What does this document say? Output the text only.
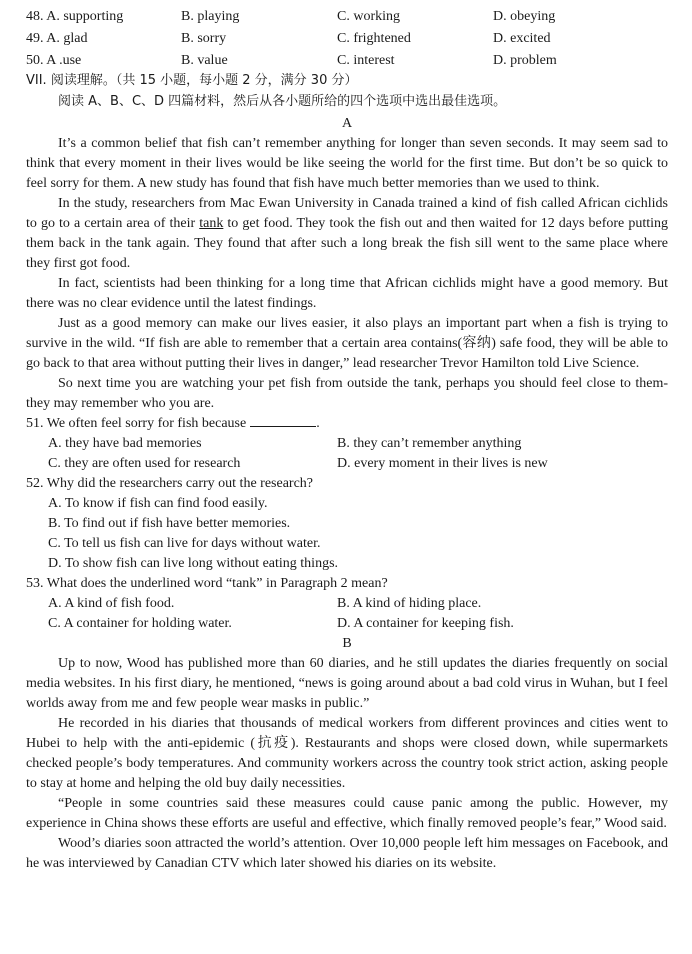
48. A. supporting	B. playing	C. working	D. obeying
49. A. glad	B. sorry	C. frightened	D. excited
50. A .use	B. value	C. interest	D. problem
VII. 阅读理解。（共 15 小题，每小题 2 分，满分 30 分）
阅读 A、B、C、D 四篇材料，然后从各小题所给的四个选项中选出最佳选项。
A

It’s a common belief that fish can’t remember anything for longer than seven seconds. It may seem sad to think that every moment in their lives would be like seeing the world for the first time. But don’t be so quick to feel sorry for them. A new study has found that fish have much better memories than we used to think.

In the study, researchers from Mac Ewan University in Canada trained a kind of fish called African cichlids to go to a certain area of their tank to get food. They took the fish out and then waited for 12 days before putting them back in the tank again. They found that after such a long break the fish sill went to the same place where they first got food.

In fact, scientists had been thinking for a long time that African cichlids might have a good memory. But there was no clear evidence until the latest findings.

Just as a good memory can make our lives easier, it also plays an important part when a fish is trying to survive in the wild. “If fish are able to remember that a certain area contains(容纳) safe food, they will be able to go back to that area without putting their lives in danger,” lead researcher Trevor Hamilton told Live Science.

So next time you are watching your pet fish from outside the tank, perhaps you should feel close to them-they may remember who you are.

51. We often feel sorry for fish because	.
A. they have bad memories	B. they can’t remember anything
C. they are often used for research	D. every moment in their lives is new
52. Why did the researchers carry out the research?
A. To know if fish can find food easily.
B. To find out if fish have better memories.
C. To tell us fish can live for days without water.
D. To show fish can live long without eating things.
53. What does the underlined word “tank” in Paragraph 2 mean?
A. A kind of fish food.	B. A kind of hiding place.
C. A container for holding water.	D. A container for keeping fish.
B

Up to now, Wood has published more than 60 diaries, and he still updates the diaries frequently on social media websites. In his first diary, he mentioned, “news is going around about a bad cold virus in Wuhan, but I feel worlds away from me and few people wear masks in public.”

He recorded in his diaries that thousands of medical workers from different provinces and cities went to Hubei to help with the anti-epidemic (抗疫). Restaurants and shops were closed down, while supermarkets checked people’s body temperatures. And community workers across the country took strict action, asking people to stay at home and helping the old buy daily necessities.

“People in some countries said these measures could cause panic among the public. However, my experience in China shows these efforts are useful and effective, which finally removed people’s fear,” Wood said.

Wood’s diaries soon attracted the world’s attention. Over 10,000 people left him messages on Facebook, and he was interviewed by Canadian CTV which later showed his diaries on its website.
